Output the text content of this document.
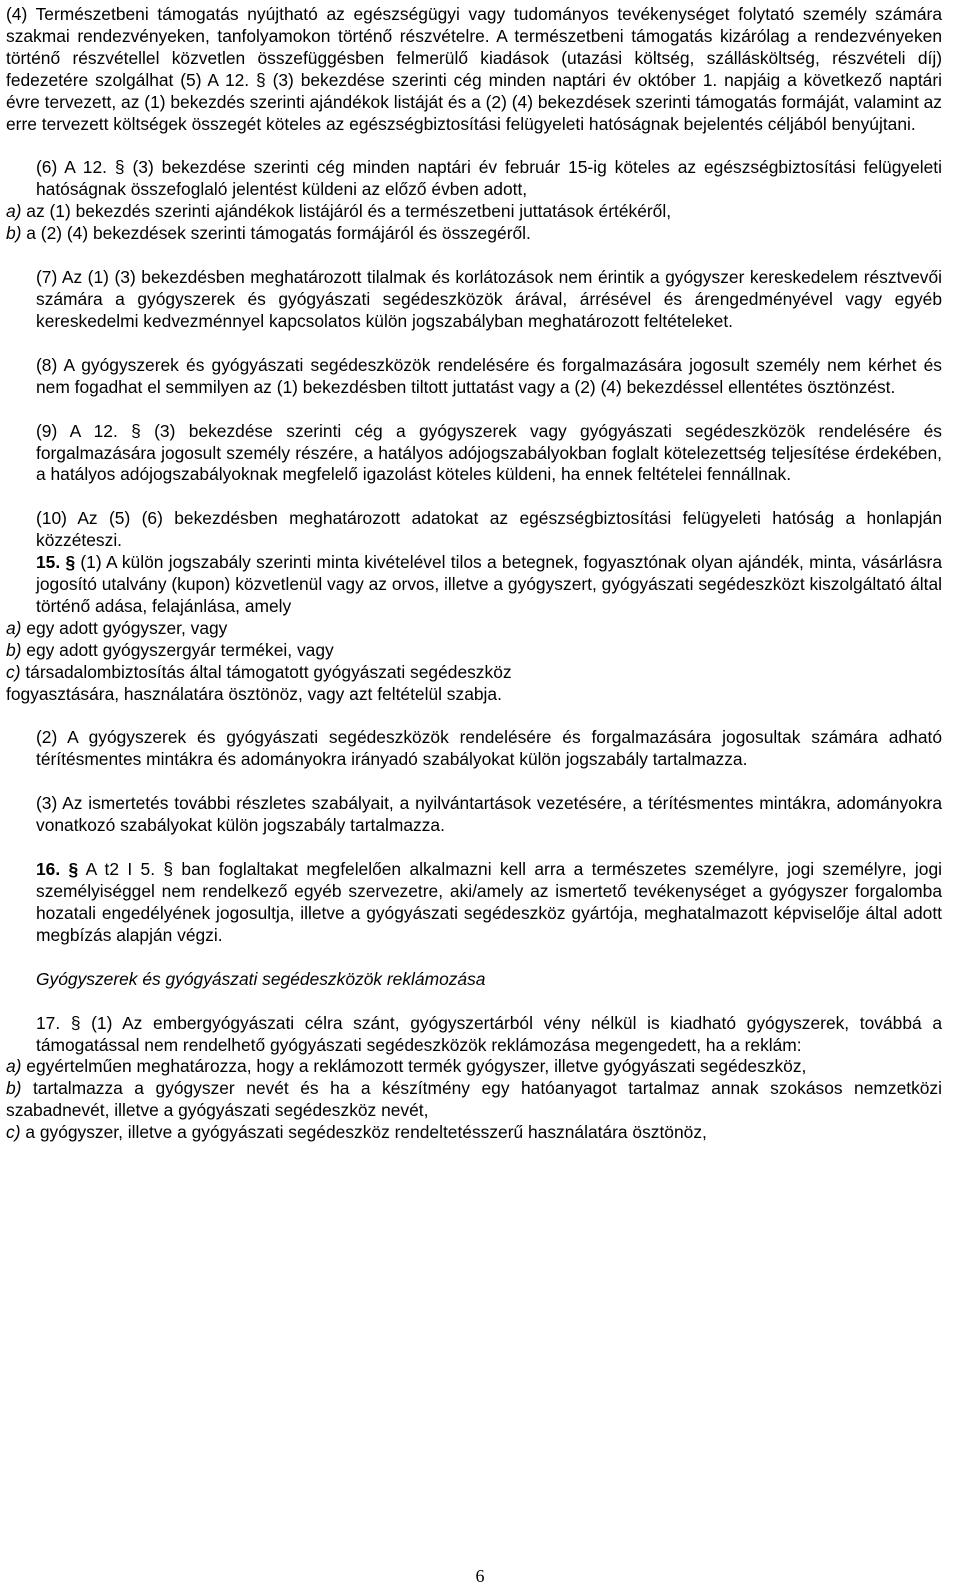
(4) Természetbeni támogatás nyújtható az egészségügyi vagy tudományos tevékenységet folytató személy számára szakmai rendezvényeken, tanfolyamokon történő részvételre. A természetbeni támogatás kizárólag a rendezvényeken történő részvétellel közvetlen összefüggésben felmerülő kiadások (utazási költség, szállásköltség, részvételi díj) fedezetére szolgálhat (5) A 12. § (3) bekezdése szerinti cég minden naptári év október 1. napjáig a következő naptári évre tervezett, az (1) bekezdés szerinti ajándékok listáját és a (2) (4) bekezdések szerinti támogatás formáját, valamint az erre tervezett költségek összegét köteles az egészségbiztosítási felügyeleti hatóságnak bejelentés céljából benyújtani.

(6) A 12. § (3) bekezdése szerinti cég minden naptári év február 15-ig köteles az egészségbiztosítási felügyeleti hatóságnak összefoglaló jelentést küldeni az előző évben adott,
a) az (1) bekezdés szerinti ajándékok listájáról és a természetbeni juttatások értékéről,
b) a (2) (4) bekezdések szerinti támogatás formájáról és összegéről.

(7) Az (1) (3) bekezdésben meghatározott tilalmak és korlátozások nem érintik a gyógyszer kereskedelem résztvevői számára a gyógyszerek és gyógyászati segédeszközök árával, árrésével és árengedményével vagy egyéb kereskedelmi kedvezménnyel kapcsolatos külön jogszabályban meghatározott feltételeket.

(8) A gyógyszerek és gyógyászati segédeszközök rendelésére és forgalmazására jogosult személy nem kérhet és nem fogadhat el semmilyen az (1) bekezdésben tiltott juttatást vagy a (2) (4) bekezdéssel ellentétes ösztönzést.

(9) A 12. § (3) bekezdése szerinti cég a gyógyszerek vagy gyógyászati segédeszközök rendelésére és forgalmazására jogosult személy részére, a hatályos adójogszabályokban foglalt kötelezettség teljesítése érdekében, a hatályos adójogszabályoknak megfelelő igazolást köteles küldeni, ha ennek feltételei fennállnak.

(10) Az (5) (6) bekezdésben meghatározott adatokat az egészségbiztosítási felügyeleti hatóság a honlapján közzéteszi.

15. § (1) A külön jogszabály szerinti minta kivételével tilos a betegnek, fogyasztónak olyan ajándék, minta, vásárlásra jogosító utalvány (kupon) közvetlenül vagy az orvos, illetve a gyógyszert, gyógyászati segédeszközt kiszolgáltató által történő adása, felajánlása, amely
a) egy adott gyógyszer, vagy
b) egy adott gyógyszergyár termékei, vagy
c) társadalombiztosítás által támogatott gyógyászati segédeszköz
fogyasztására, használatára ösztönöz, vagy azt feltételül szabja.

(2) A gyógyszerek és gyógyászati segédeszközök rendelésére és forgalmazására jogosultak számára adható térítésmentes mintákra és adományokra irányadó szabályokat külön jogszabály tartalmazza.

(3) Az ismertetés további részletes szabályait, a nyilvántartások vezetésére, a térítésmentes mintákra, adományokra vonatkozó szabályokat külön jogszabály tartalmazza.

16. § A t2 I 5. § ban foglaltakat megfelelően alkalmazni kell arra a természetes személyre, jogi személyre, jogi személyiséggel nem rendelkező egyéb szervezetre, aki/amely az ismertető tevékenységet a gyógyszer forgalomba hozatali engedélyének jogosultja, illetve a gyógyászati segédeszköz gyártója, meghatalmazott képviselője által adott megbízás alapján végzi.

Gyógyszerek és gyógyászati segédeszközök reklámozása

17. § (1) Az embergyógyászati célra szánt, gyógyszertárból vény nélkül is kiadható gyógyszerek, továbbá a támogatással nem rendelhető gyógyászati segédeszközök reklámozása megengedett, ha a reklám:
a) egyértelműen meghatározza, hogy a reklámozott termék gyógyszer, illetve gyógyászati segédeszköz,
b) tartalmazza a gyógyszer nevét és ha a készítmény egy hatóanyagot tartalmaz annak szokásos nemzetközi szabadnevét, illetve a gyógyászati segédeszköz nevét,
c) a gyógyszer, illetve a gyógyászati segédeszköz rendeltetésszerű használatára ösztönöz,

6
